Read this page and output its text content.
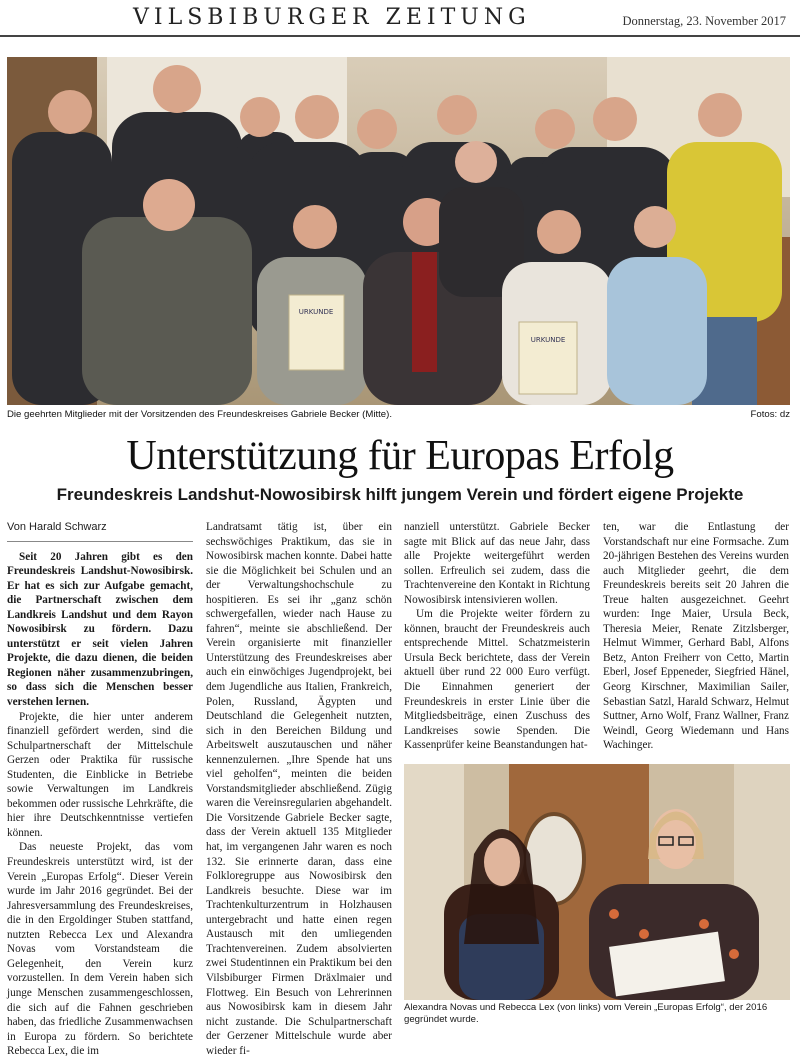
VILSBIBURGER ZEITUNG	Donnerstag, 23. November 2017
URKUNDE
URKUNDE
Die geehrten Mitglieder mit der Vorsitzenden des Freundeskreises Gabriele Becker (Mitte).	Fotos: dz
Unterstützung für Europas Erfolg
Freundeskreis Landshut-Nowosibirsk hilft jungem Verein und fördert eigene Projekte
Von Harald Schwarz

Seit 20 Jahren gibt es den Freundeskreis Landshut-Nowosibirsk. Er hat es sich zur Aufgabe gemacht, die Partnerschaft zwischen dem Landkreis Landshut und dem Rayon Nowosibirsk zu fördern. Dazu unterstützt er seit vielen Jahren Projekte, die dazu dienen, die beiden Regionen näher zusammenzubringen, so dass sich die Menschen besser verstehen lernen.

Projekte, die hier unter anderem finanziell gefördert werden, sind die Schulpartnerschaft der Mittelschule Gerzen oder Praktika für russische Studenten, die Einblicke in Betriebe sowie Verwaltungen im Landkreis bekommen oder russische Lehrkräfte, die hier ihre Deutschkenntnisse vertiefen können.

Das neueste Projekt, das vom Freundeskreis unterstützt wird, ist der Verein „Europas Erfolg“. Dieser Verein wurde im Jahr 2016 gegründet. Bei der Jahresversammlung des Freundeskreises, die in den Ergoldinger Stuben stattfand, nutzten Rebecca Lex und Alexandra Novas vom Vorstandsteam die Gelegenheit, den Verein kurz vorzustellen. In dem Verein haben sich junge Menschen zusammengeschlossen, die sich auf die Fahnen geschrieben haben, das friedliche Zusammenwachsen in Europa zu fördern. So berichtete Rebecca Lex, die im

Landratsamt tätig ist, über ein sechswöchiges Praktikum, das sie in Nowosibirsk machen konnte. Dabei hatte sie die Möglichkeit bei Schulen und an der Verwaltungshochschule zu hospitieren. Es sei ihr „ganz schön schwergefallen, wieder nach Hause zu fahren“, meinte sie abschließend. Der Verein organisierte mit finanzieller Unterstützung des Freundeskreises aber auch ein einwöchiges Jugendprojekt, bei dem Jugendliche aus Italien, Frankreich, Polen, Russland, Ägypten und Deutschland die Gelegenheit nutzten, sich in den Bereichen Bildung und Arbeitswelt auszutauschen und näher kennenzulernen. „Ihre Spende hat uns viel geholfen“, meinten die beiden Vorstandsmitglieder abschließend. Zügig waren die Vereinsregularien abgehandelt. Die Vorsitzende Gabriele Becker sagte, dass der Verein aktuell 135 Mitglieder hat, im vergangenen Jahr waren es noch 132. Sie erinnerte daran, dass eine Folkloregruppe aus Nowosibirsk den Landkreis besuchte. Diese war im Trachtenkulturzentrum in Holzhausen untergebracht und hatte einen regen Austausch mit den umliegenden Trachtenvereinen. Zudem absolvierten zwei Studentinnen ein Praktikum bei den Vilsbiburger Firmen Dräxlmaier und Flottweg. Ein Besuch von Lehrerinnen aus Nowosibirsk kam in diesem Jahr nicht zustande. Die Schulpartnerschaft der Gerzener Mittelschule wurde aber wieder fi-

nanziell unterstützt. Gabriele Becker sagte mit Blick auf das neue Jahr, dass alle Projekte weitergeführt werden sollen. Erfreulich sei zudem, dass die Trachtenvereine den Kontakt in Richtung Nowosibirsk intensivieren wollen.

Um die Projekte weiter fördern zu können, braucht der Freundeskreis auch entsprechende Mittel. Schatzmeisterin Ursula Beck berichtete, dass der Verein aktuell über rund 22 000 Euro verfügt. Die Einnahmen generiert der Freundeskreis in erster Linie über die Mitgliedsbeiträge, einen Zuschuss des Landkreises sowie Spenden. Die Kassenprüfer keine Beanstandungen hat-

ten, war die Entlastung der Vorstandschaft nur eine Formsache. Zum 20-jährigen Bestehen des Vereins wurden auch Mitglieder geehrt, die dem Freundeskreis bereits seit 20 Jahren die Treue halten ausgezeichnet. Geehrt wurden: Inge Maier, Ursula Beck, Theresia Meier, Renate Zitzlsberger, Helmut Wimmer, Gerhard Babl, Alfons Betz, Anton Freiherr von Cetto, Martin Eberl, Josef Eppeneder, Siegfried Hänel, Georg Kirschner, Maximilian Sailer, Sebastian Satzl, Harald Schwarz, Helmut Suttner, Arno Wolf, Franz Wallner, Franz Weindl, Georg Wiedemann und Hans Wachinger.

Alexandra Novas und Rebecca Lex (von links) vom Verein „Europas Erfolg“, der 2016 gegründet wurde.
